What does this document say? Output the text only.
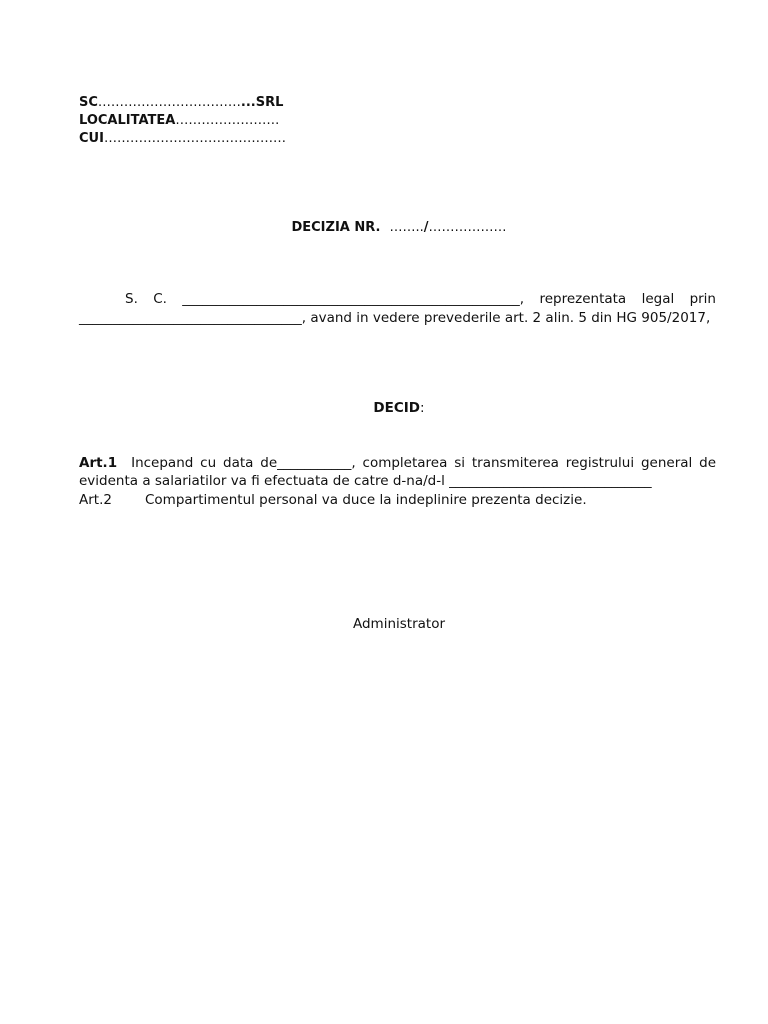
SC……………………………...SRL
LOCALITATEA……………………
CUI……………………………………
DECIZIA NR. ……../………………
S. C. __________________________________________________, reprezentata legal prin _________________________________, avand in vedere prevederile art. 2 alin. 5 din HG 905/2017,
DECID:
Art.1 Incepand cu data de___________, completarea si transmiterea registrului general de evidenta a salariatilor va fi efectuata de catre d-na/d-l ______________________________
Art.2 Compartimentul personal va duce la indeplinire prezenta decizie.
Administrator
